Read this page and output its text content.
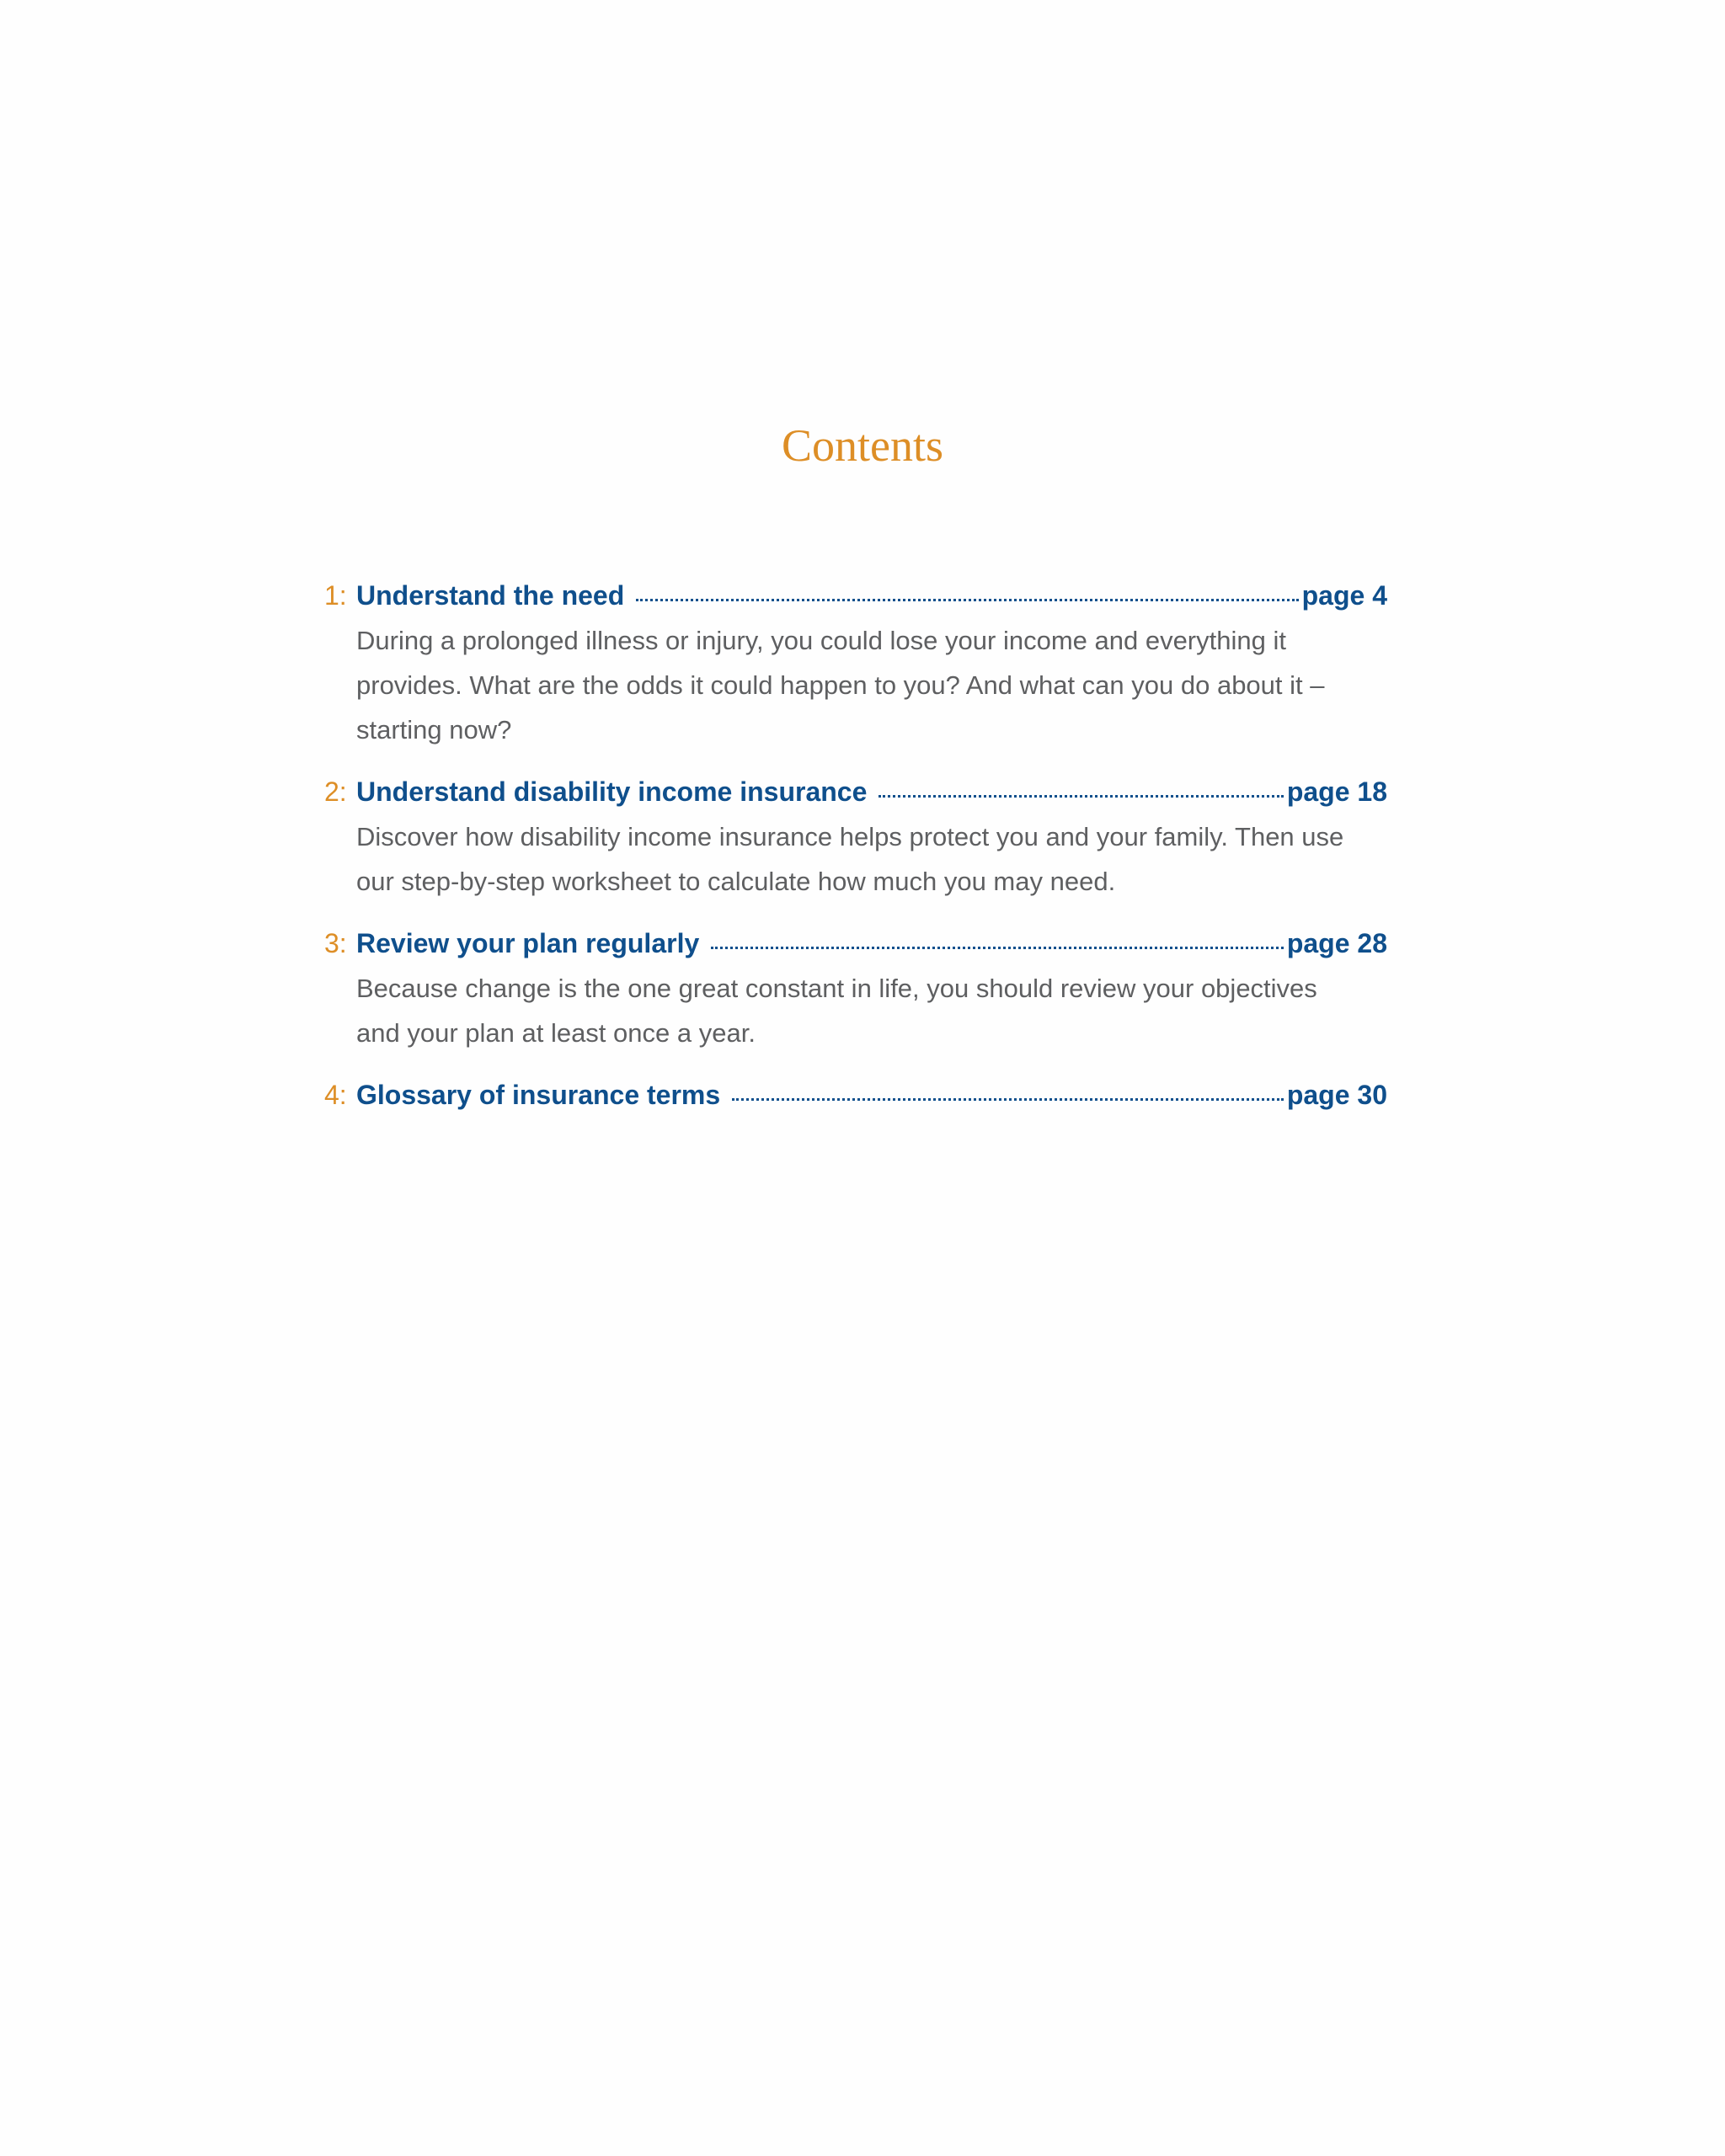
Contents
1: Understand the need	page 4

During a prolonged illness or injury, you could lose your income and everything it provides. What are the odds it could happen to you? And what can you do about it – starting now?

2: Understand disability income insurance	page 18

Discover how disability income insurance helps protect you and your family. Then use our step-by-step worksheet to calculate how much you may need.

3: Review your plan regularly	page 28

Because change is the one great constant in life, you should review your objectives and your plan at least once a year.

4: Glossary of insurance terms	page 30
